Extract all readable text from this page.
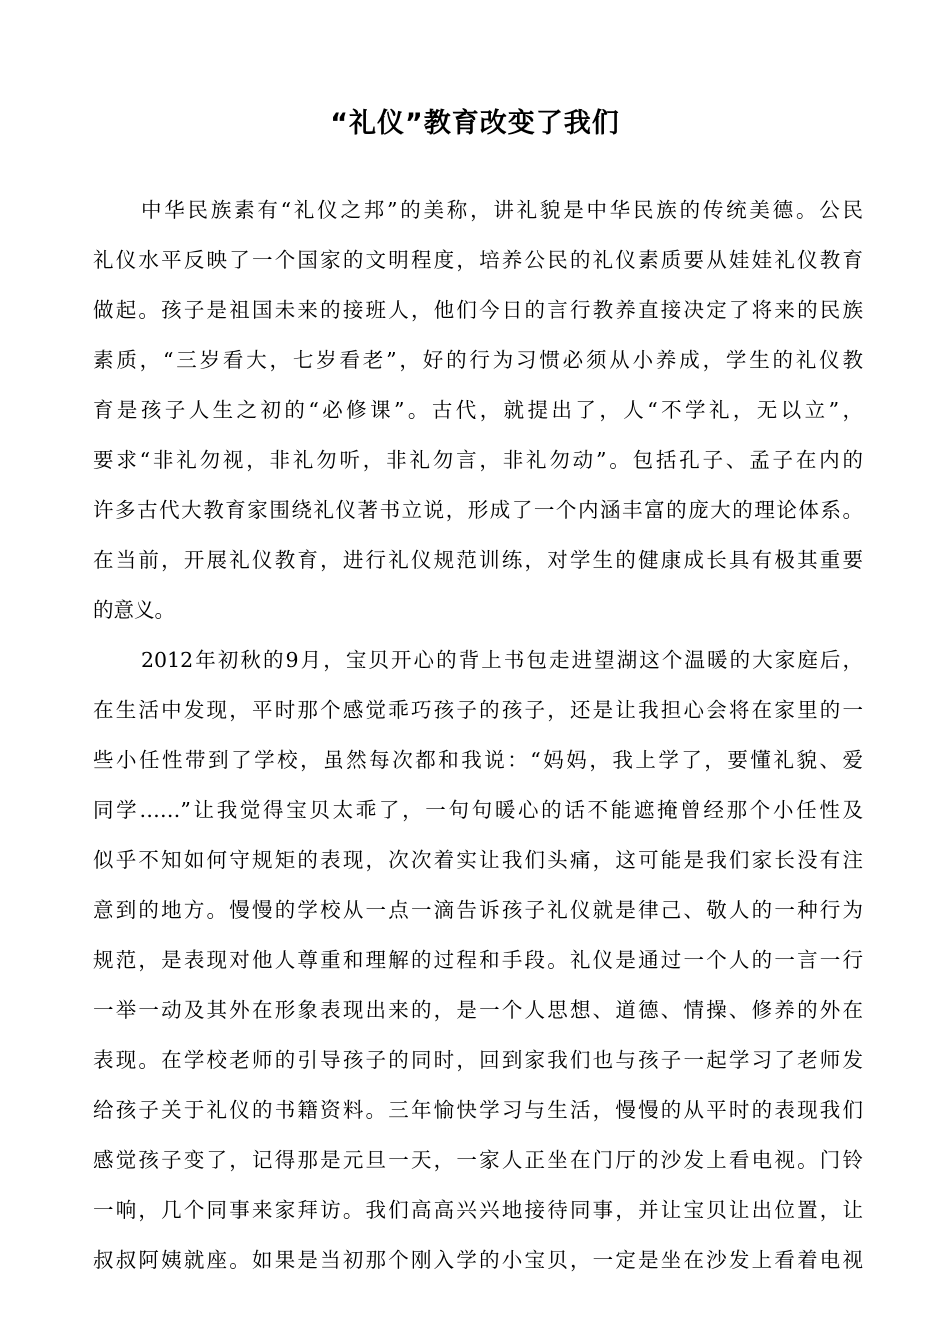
“礼仪”教育改变了我们
中华民族素有“礼仪之邦”的美称，讲礼貌是中华民族的传统美德。公民
礼仪水平反映了一个国家的文明程度，培养公民的礼仪素质要从娃娃礼仪教育
做起。孩子是祖国未来的接班人，他们今日的言行教养直接决定了将来的民族
素质，“三岁看大，七岁看老”，好的行为习惯必须从小养成，学生的礼仪教
育是孩子人生之初的“必修课”。古代，就提出了，人“不学礼，无以立”，
要求“非礼勿视，非礼勿听，非礼勿言，非礼勿动”。包括孔子、孟子在内的
许多古代大教育家围绕礼仪著书立说，形成了一个内涵丰富的庞大的理论体系。
在当前，开展礼仪教育，进行礼仪规范训练，对学生的健康成长具有极其重要
的意义。
2012年初秋的9月，宝贝开心的背上书包走进望湖这个温暖的大家庭后，
在生活中发现，平时那个感觉乖巧孩子的孩子，还是让我担心会将在家里的一
些小任性带到了学校，虽然每次都和我说：“妈妈，我上学了，要懂礼貌、爱
同学……”让我觉得宝贝太乖了，一句句暖心的话不能遮掩曾经那个小任性及
似乎不知如何守规矩的表现，次次着实让我们头痛，这可能是我们家长没有注
意到的地方。慢慢的学校从一点一滴告诉孩子礼仪就是律己、敬人的一种行为
规范，是表现对他人尊重和理解的过程和手段。礼仪是通过一个人的一言一行
一举一动及其外在形象表现出来的，是一个人思想、道德、情操、修养的外在
表现。在学校老师的引导孩子的同时，回到家我们也与孩子一起学习了老师发
给孩子关于礼仪的书籍资料。三年愉快学习与生活，慢慢的从平时的表现我们
感觉孩子变了，记得那是元旦一天，一家人正坐在门厅的沙发上看电视。门铃
一响，几个同事来家拜访。我们高高兴兴地接待同事，并让宝贝让出位置，让
叔叔阿姨就座。如果是当初那个刚入学的小宝贝，一定是坐在沙发上看着电视
